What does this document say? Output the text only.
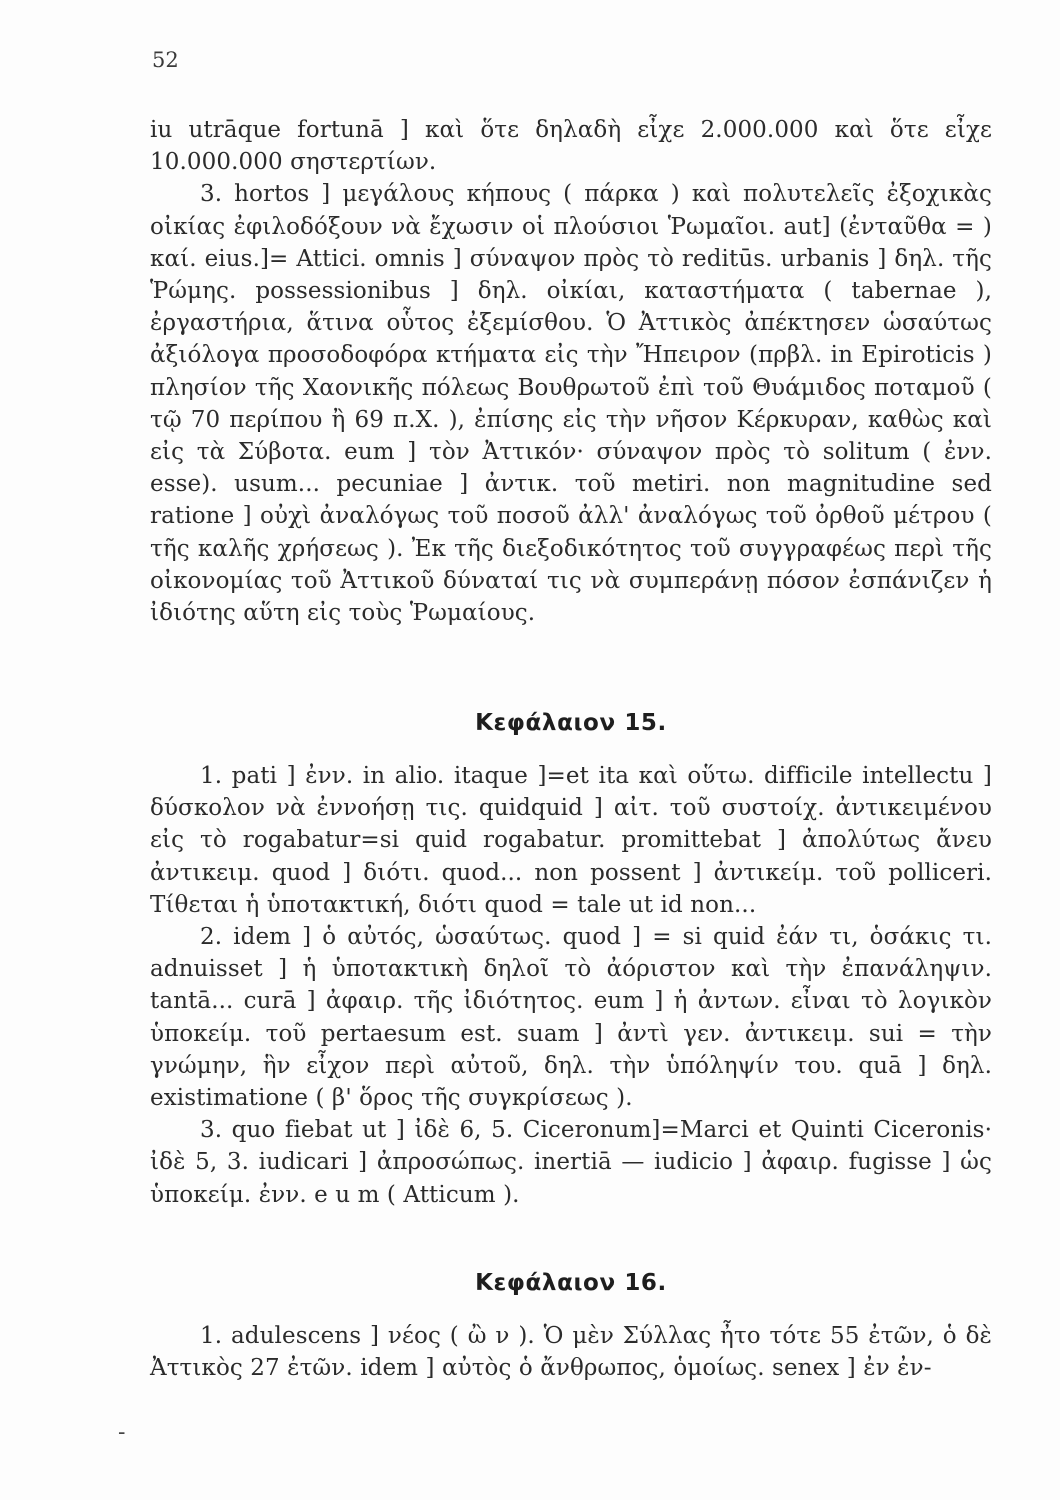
52

iu utrāque fortunā ] καὶ ὅτε δηλαδὴ εἶχε 2.000.000 καὶ ὅτε εἶχε 10.000.000 σηστερτίων.

3. hortos ] μεγάλους κήπους ( πάρκα ) καὶ πολυτελεῖς ἐξοχικὰς οἰκίας ἐφιλοδόξουν νὰ ἔχωσιν οἱ πλούσιοι Ῥωμαῖοι. aut] (ἐνταῦθα = ) καί. eius.]= Attici. omnis ] σύναψον πρὸς τὸ reditūs. urbanis ] δηλ. τῆς Ῥώμης. possessionibus ] δηλ. οἰκίαι, καταστήματα ( tabernae ), ἐργαστήρια, ἅτινα οὗτος ἐξεμίσθου. Ὁ Ἀττικὸς ἀπέκτησεν ὡσαύτως ἀξιόλογα προσοδοφόρα κτήματα εἰς τὴν Ἤπειρον (πρβλ. in Epiroticis ) πλησίον τῆς Χαονικῆς πόλεως Βουθρωτοῦ ἐπὶ τοῦ Θυάμιδος ποταμοῦ ( τῷ 70 περίπου ἢ 69 π.Χ. ), ἐπίσης εἰς τὴν νῆσον Κέρκυραν, καθὼς καὶ εἰς τὰ Σύβοτα. eum ] τὸν Ἀττικόν· σύναψον πρὸς τὸ solitum ( ἐνν. esse). usum... pecuniae ] ἀντικ. τοῦ metiri. non magnitudine sed ratione ] οὐχὶ ἀναλόγως τοῦ ποσοῦ ἀλλ' ἀναλόγως τοῦ ὀρθοῦ μέτρου ( τῆς καλῆς χρήσεως ). Ἐκ τῆς διεξοδικότητος τοῦ συγγραφέως περὶ τῆς οἰκονομίας τοῦ Ἀττικοῦ δύναταί τις νὰ συμπεράνῃ πόσον ἐσπάνιζεν ἡ ἰδιότης αὕτη εἰς τοὺς Ῥωμαίους.

Κεφάλαιον 15.

1. pati ] ἐνν. in alio. itaque ]=et ita καὶ οὕτω. difficile intellectu ] δύσκολον νὰ ἐννοήσῃ τις. quidquid ] αἰτ. τοῦ συστοίχ. ἀντικειμένου εἰς τὸ rogabatur=si quid rogabatur. promittebat ] ἀπολύτως ἄνευ ἀντικειμ. quod ] διότι. quod... non possent ] ἀντικείμ. τοῦ polliceri. Τίθεται ἡ ὑποτακτική, διότι quod = tale ut id non...

2. idem ] ὁ αὐτός, ὡσαύτως. quod ] = si quid ἐάν τι, ὁσάκις τι. adnuisset ] ἡ ὑποτακτικὴ δηλοῖ τὸ ἀόριστον καὶ τὴν ἐπανάληψιν. tantā... curā ] ἀφαιρ. τῆς ἰδιότητος. eum ] ἡ ἀντων. εἶναι τὸ λογικὸν ὑποκείμ. τοῦ pertaesum est. suam ] ἀντὶ γεν. ἀντικειμ. sui = τὴν γνώμην, ἣν εἶχον περὶ αὐτοῦ, δηλ. τὴν ὑπόληψίν του. quā ] δηλ. existimatione ( β' ὅρος τῆς συγκρίσεως ).

3. quo fiebat ut ] ἰδὲ 6, 5. Ciceronum]=Marci et Quinti Ciceronis· ἰδὲ 5, 3. iudicari ] ἀπροσώπως. inertiā — iudicio ] ἀφαιρ. fugisse ] ὡς ὑποκείμ. ἐνν. e u m ( Atticum ).

Κεφάλαιον 16.

1. adulescens ] νέος ( ὢ ν ). Ὁ μὲν Σύλλας ἦτο τότε 55 ἐτῶν, ὁ δὲ Ἀττικὸς 27 ἐτῶν. idem ] αὐτὸς ὁ ἄνθρωπος, ὁμοίως. senex ] ἐν ἐν-

-
